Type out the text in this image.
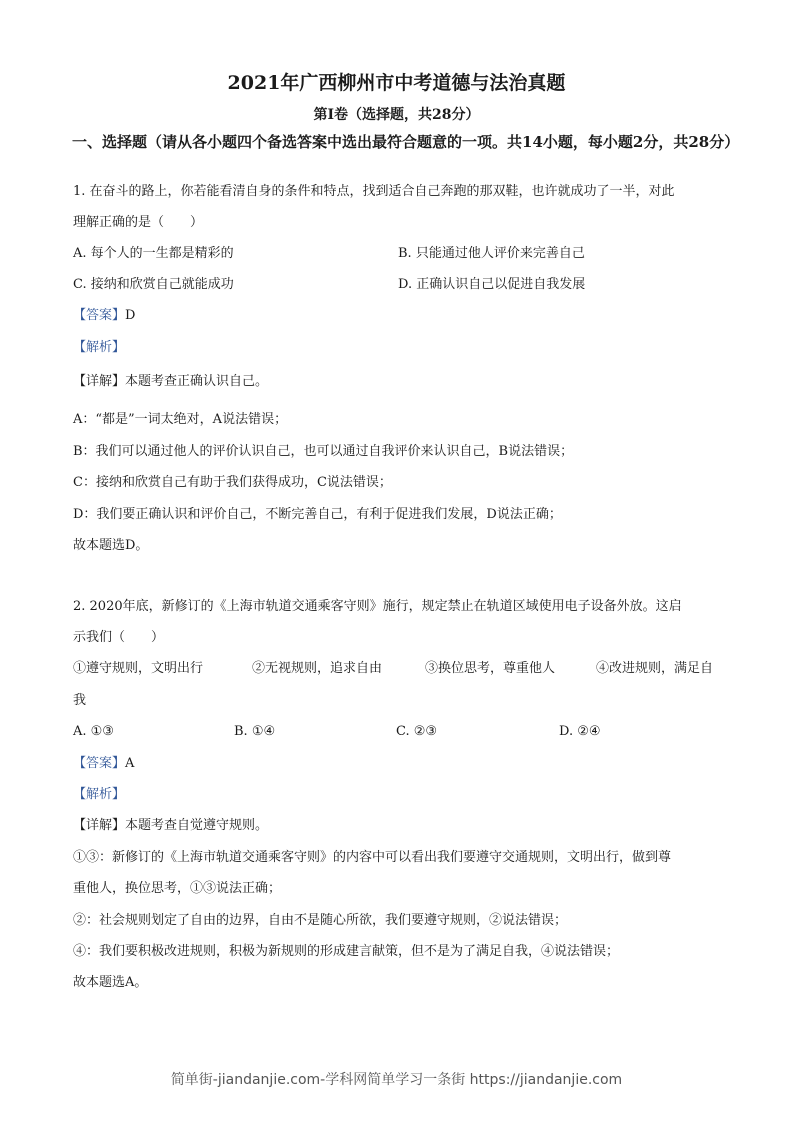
2021年广西柳州市中考道德与法治真题
第Ⅰ卷（选择题，共28分）
一、选择题（请从各小题四个备选答案中选出最符合题意的一项。共14小题，每小题2分，共28分）
1. 在奋斗的路上，你若能看清自身的条件和特点，找到适合自己奔跑的那双鞋，也许就成功了一半，对此
理解正确的是（　　）
A. 每个人的一生都是精彩的	B. 只能通过他人评价来完善自己
C. 接纳和欣赏自己就能成功	D. 正确认识自己以促进自我发展
【答案】D
【解析】
【详解】本题考查正确认识自己。
A：“都是”一词太绝对，A说法错误；
B：我们可以通过他人的评价认识自己，也可以通过自我评价来认识自己，B说法错误；
C：接纳和欣赏自己有助于我们获得成功，C说法错误；
D：我们要正确认识和评价自己，不断完善自己，有利于促进我们发展，D说法正确；
故本题选D。
2. 2020年底，新修订的《上海市轨道交通乘客守则》施行，规定禁止在轨道区域使用电子设备外放。这启
示我们（　　）
①遵守规则，文明出行	②无视规则，追求自由	③换位思考，尊重他人	④改进规则，满足自
我
A. ①③	B. ①④	C. ②③	D. ②④
【答案】A
【解析】
【详解】本题考查自觉遵守规则。
①③：新修订的《上海市轨道交通乘客守则》的内容中可以看出我们要遵守交通规则，文明出行，做到尊
重他人，换位思考，①③说法正确；
②：社会规则划定了自由的边界，自由不是随心所欲，我们要遵守规则，②说法错误；
④：我们要积极改进规则，积极为新规则的形成建言献策，但不是为了满足自我，④说法错误；
故本题选A。
简单街-jiandanjie.com-学科网简单学习一条街 https://jiandanjie.com
